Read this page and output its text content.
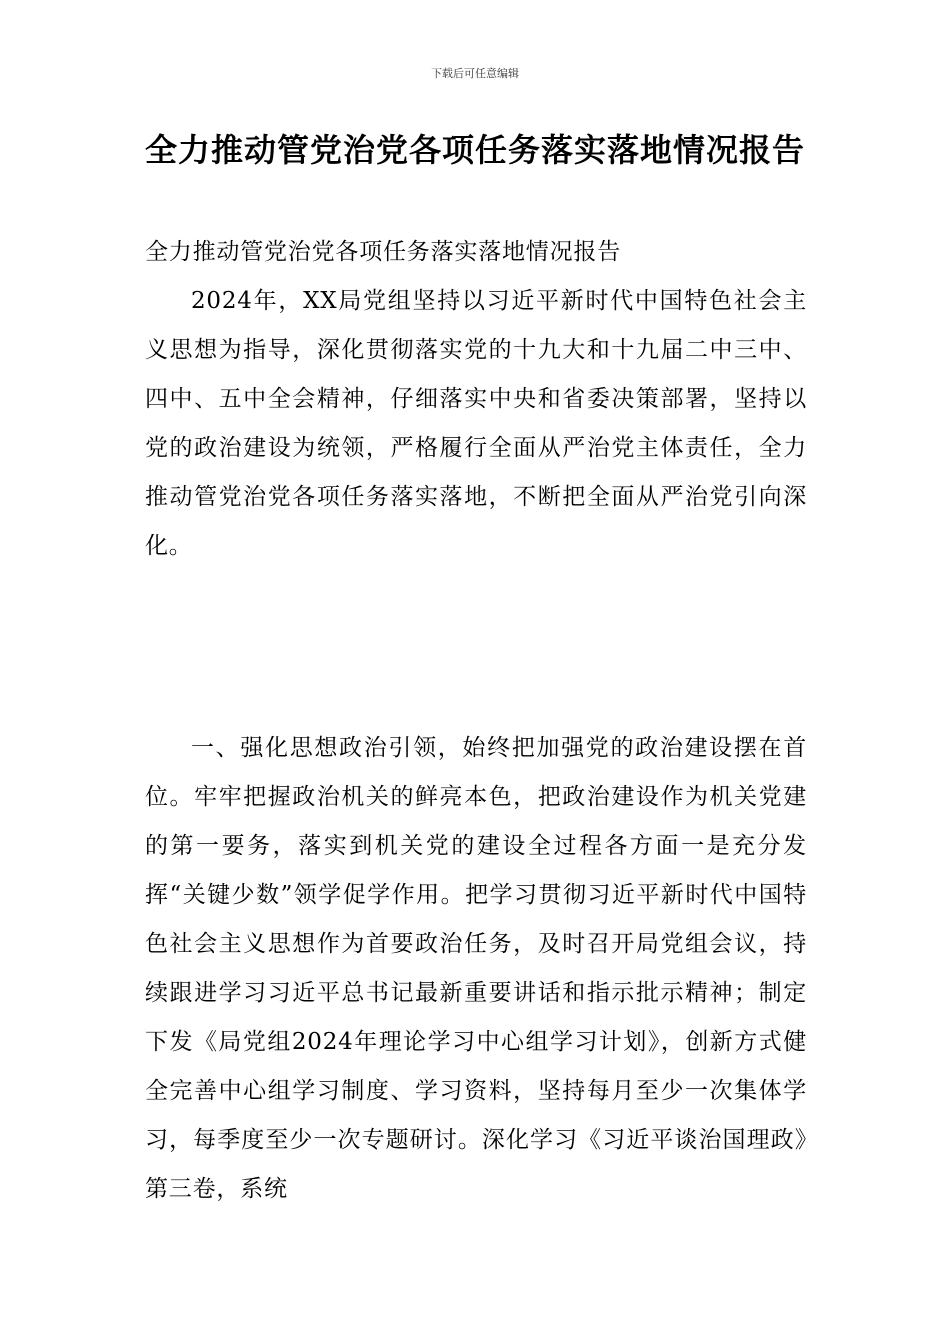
下载后可任意编辑
全力推动管党治党各项任务落实落地情况报告

全力推动管党治党各项任务落实落地情况报告

2024年，XX局党组坚持以习近平新时代中国特色社会主义思想为指导，深化贯彻落实党的十九大和十九届二中三中、四中、五中全会精神，仔细落实中央和省委决策部署，坚持以党的政治建设为统领，严格履行全面从严治党主体责任，全力推动管党治党各项任务落实落地，不断把全面从严治党引向深化。

一、强化思想政治引领，始终把加强党的政治建设摆在首位。牢牢把握政治机关的鲜亮本色，把政治建设作为机关党建的第一要务，落实到机关党的建设全过程各方面一是充分发挥“关键少数”领学促学作用。把学习贯彻习近平新时代中国特色社会主义思想作为首要政治任务，及时召开局党组会议，持续跟进学习习近平总书记最新重要讲话和指示批示精神；制定下发《局党组2024年理论学习中心组学习计划》，创新方式健全完善中心组学习制度、学习资料，坚持每月至少一次集体学习，每季度至少一次专题研讨。深化学习《习近平谈治国理政》第三卷，系统
